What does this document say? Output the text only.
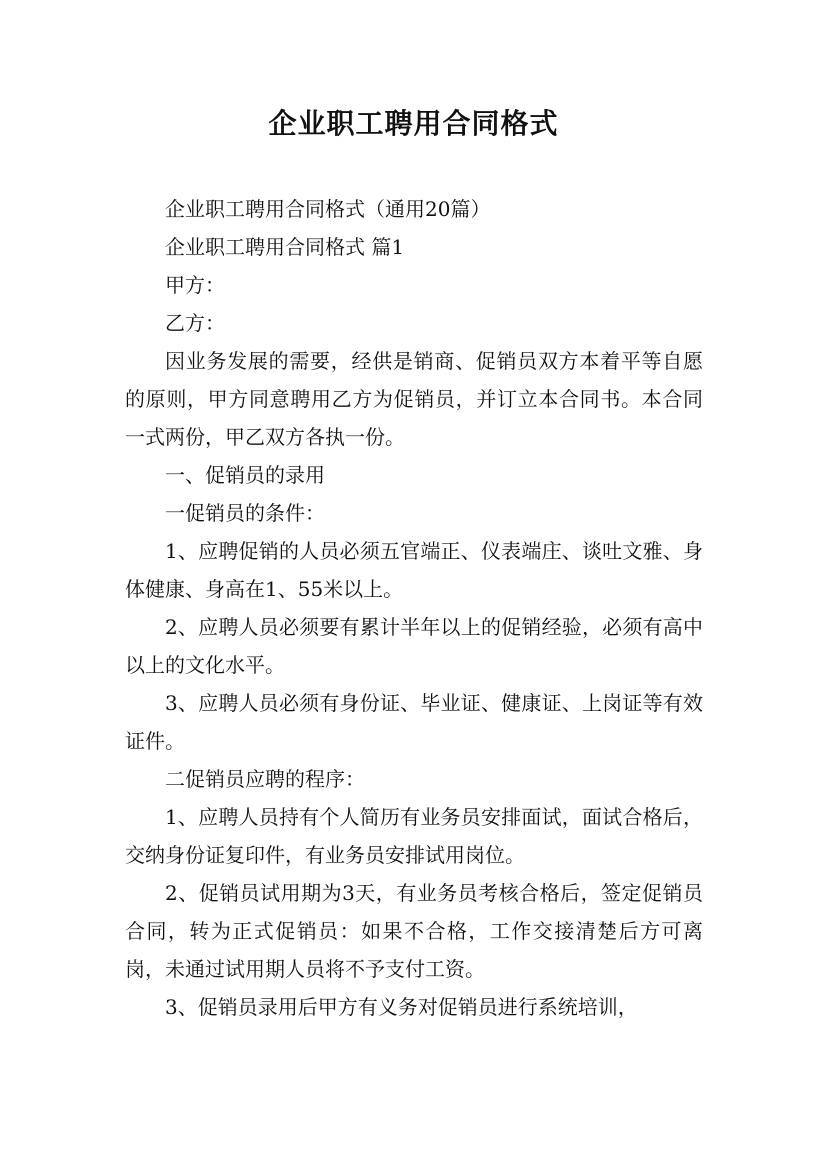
企业职工聘用合同格式

企业职工聘用合同格式（通用20篇）

企业职工聘用合同格式 篇1

甲方：

乙方：

因业务发展的需要，经供是销商、促销员双方本着平等自愿的原则，甲方同意聘用乙方为促销员，并订立本合同书。本合同一式两份，甲乙双方各执一份。

一、促销员的录用

一促销员的条件：

1、应聘促销的人员必须五官端正、仪表端庄、谈吐文雅、身体健康、身高在1、55米以上。

2、应聘人员必须要有累计半年以上的促销经验，必须有高中以上的文化水平。

3、应聘人员必须有身份证、毕业证、健康证、上岗证等有效证件。

二促销员应聘的程序：

1、应聘人员持有个人简历有业务员安排面试，面试合格后，交纳身份证复印件，有业务员安排试用岗位。

2、促销员试用期为3天，有业务员考核合格后，签定促销员合同，转为正式促销员：如果不合格，工作交接清楚后方可离岗，未通过试用期人员将不予支付工资。

3、促销员录用后甲方有义务对促销员进行系统培训，
